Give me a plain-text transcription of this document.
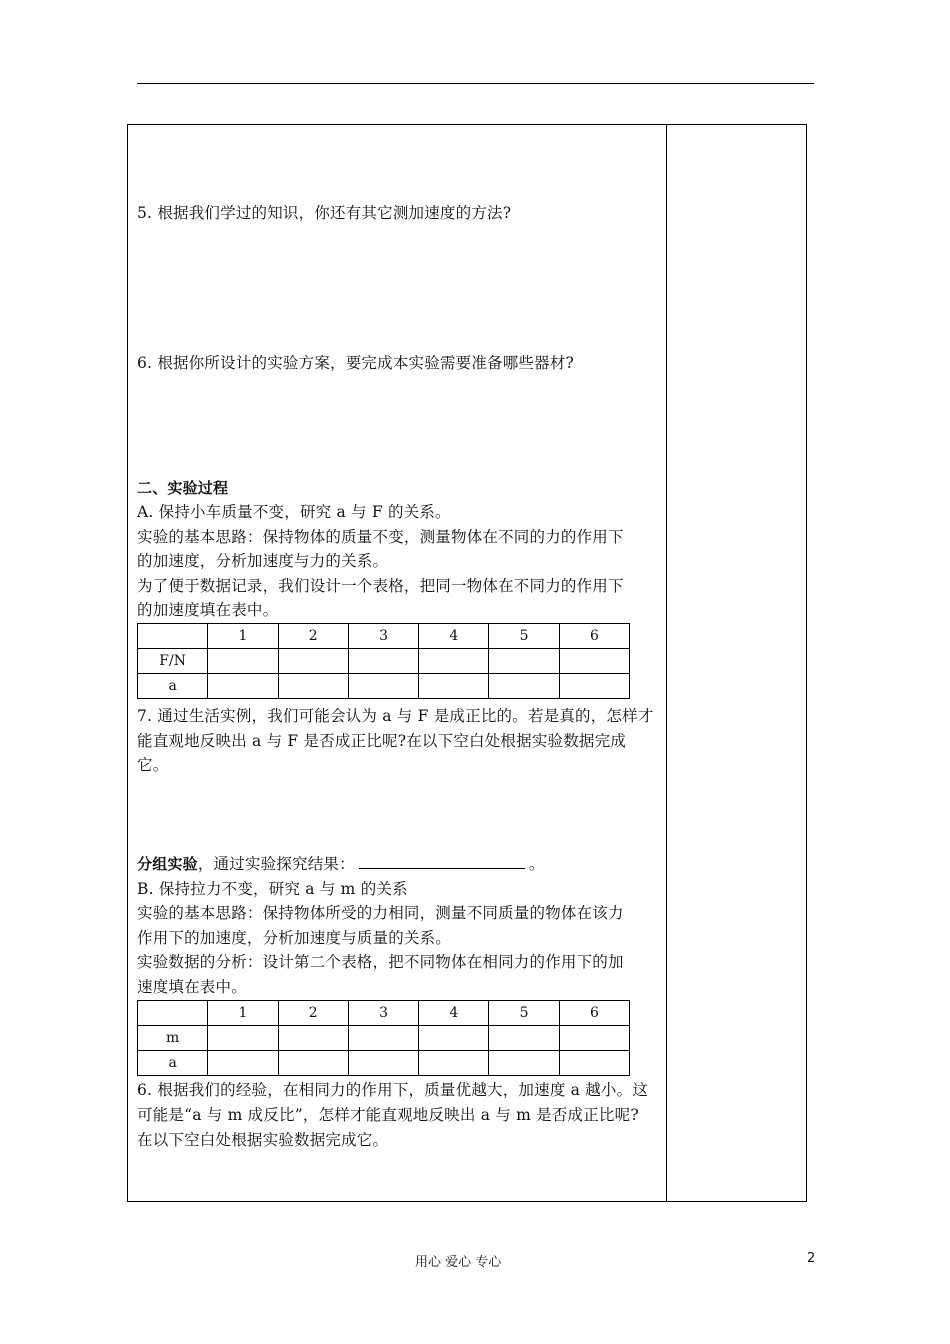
5. 根据我们学过的知识，你还有其它测加速度的方法?
6. 根据你所设计的实验方案，要完成本实验需要准备哪些器材?
二、实验过程
A. 保持小车质量不变，研究 a 与 F 的关系。
实验的基本思路：保持物体的质量不变，测量物体在不同的力的作用下
的加速度，分析加速度与力的关系。
为了便于数据记录，我们设计一个表格，把同一物体在不同力的作用下
的加速度填在表中。
	1	2	3	4	5	6
F/N						
a						
7. 通过生活实例，我们可能会认为 a 与 F 是成正比的。若是真的，怎样才
能直观地反映出 a 与 F 是否成正比呢?在以下空白处根据实验数据完成
它。
分组实验，通过实验探究结果：	。
B. 保持拉力不变，研究 a 与 m 的关系
实验的基本思路：保持物体所受的力相同，测量不同质量的物体在该力
作用下的加速度，分析加速度与质量的关系。
实验数据的分析：设计第二个表格，把不同物体在相同力的作用下的加
速度填在表中。
	1	2	3	4	5	6
m						
a						
6. 根据我们的经验，在相同力的作用下，质量优越大，加速度 a 越小。这
可能是“a 与 m 成反比”，怎样才能直观地反映出 a 与 m 是否成正比呢?
在以下空白处根据实验数据完成它。
用心 爱心 专心	2
